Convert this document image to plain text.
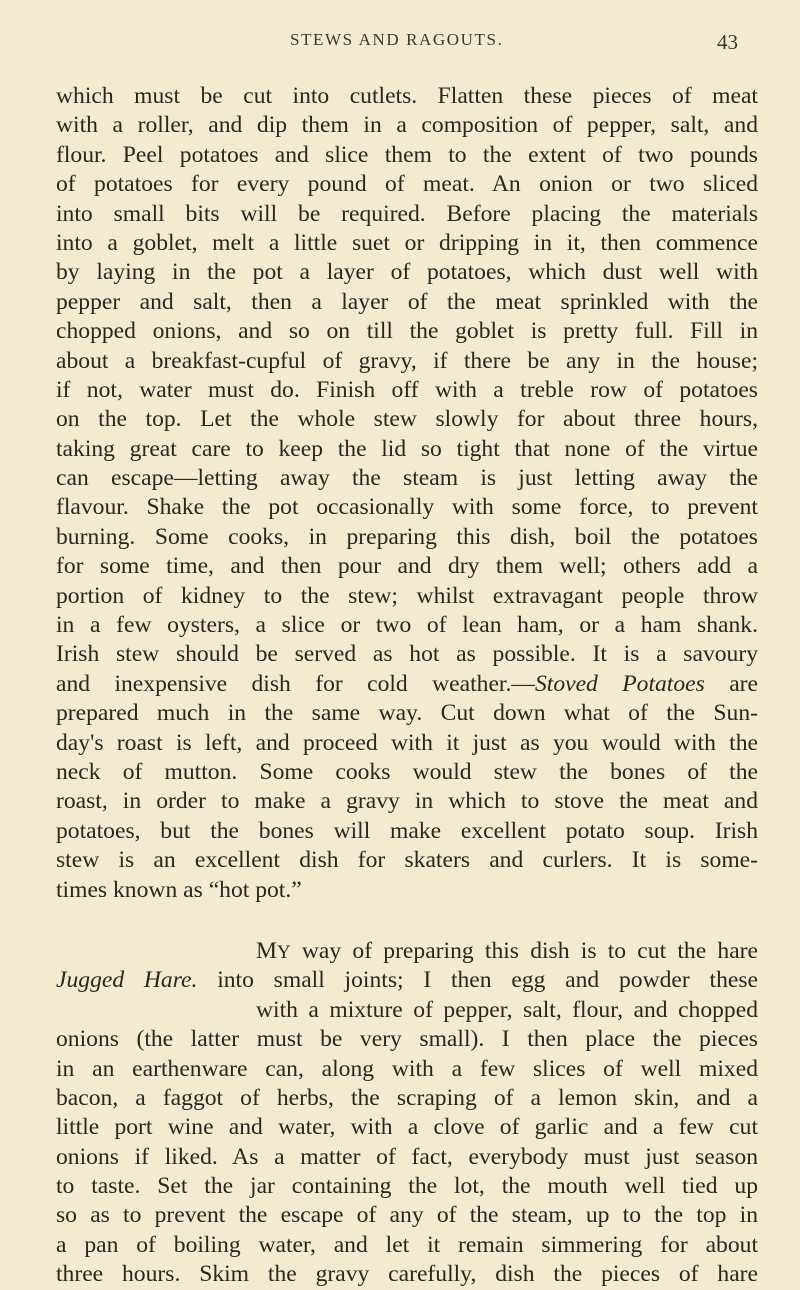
STEWS AND RAGOUTS.	43
which must be cut into cutlets. Flatten these pieces of meat
with a roller, and dip them in a composition of pepper, salt, and
flour. Peel potatoes and slice them to the extent of two pounds
of potatoes for every pound of meat. An onion or two sliced
into small bits will be required. Before placing the materials
into a goblet, melt a little suet or dripping in it, then commence
by laying in the pot a layer of potatoes, which dust well with
pepper and salt, then a layer of the meat sprinkled with the
chopped onions, and so on till the goblet is pretty full. Fill in
about a breakfast-cupful of gravy, if there be any in the house;
if not, water must do. Finish off with a treble row of potatoes
on the top. Let the whole stew slowly for about three hours,
taking great care to keep the lid so tight that none of the virtue
can escape—letting away the steam is just letting away the
flavour. Shake the pot occasionally with some force, to prevent
burning. Some cooks, in preparing this dish, boil the potatoes
for some time, and then pour and dry them well; others add a
portion of kidney to the stew; whilst extravagant people throw
in a few oysters, a slice or two of lean ham, or a ham shank.
Irish stew should be served as hot as possible. It is a savoury
and inexpensive dish for cold weather.—Stoved Potatoes are
prepared much in the same way. Cut down what of the Sun-
day's roast is left, and proceed with it just as you would with the
neck of mutton. Some cooks would stew the bones of the
roast, in order to make a gravy in which to stove the meat and
potatoes, but the bones will make excellent potato soup. Irish
stew is an excellent dish for skaters and curlers. It is some-
times known as “hot pot.”
MY way of preparing this dish is to cut the hare
Jugged Hare. into small joints; I then egg and powder these
with a mixture of pepper, salt, flour, and chopped
onions (the latter must be very small). I then place the pieces
in an earthenware can, along with a few slices of well mixed
bacon, a faggot of herbs, the scraping of a lemon skin, and a
little port wine and water, with a clove of garlic and a few cut
onions if liked. As a matter of fact, everybody must just season
to taste. Set the jar containing the lot, the mouth well tied up
so as to prevent the escape of any of the steam, up to the top in
a pan of boiling water, and let it remain simmering for about
three hours. Skim the gravy carefully, dish the pieces of hare
